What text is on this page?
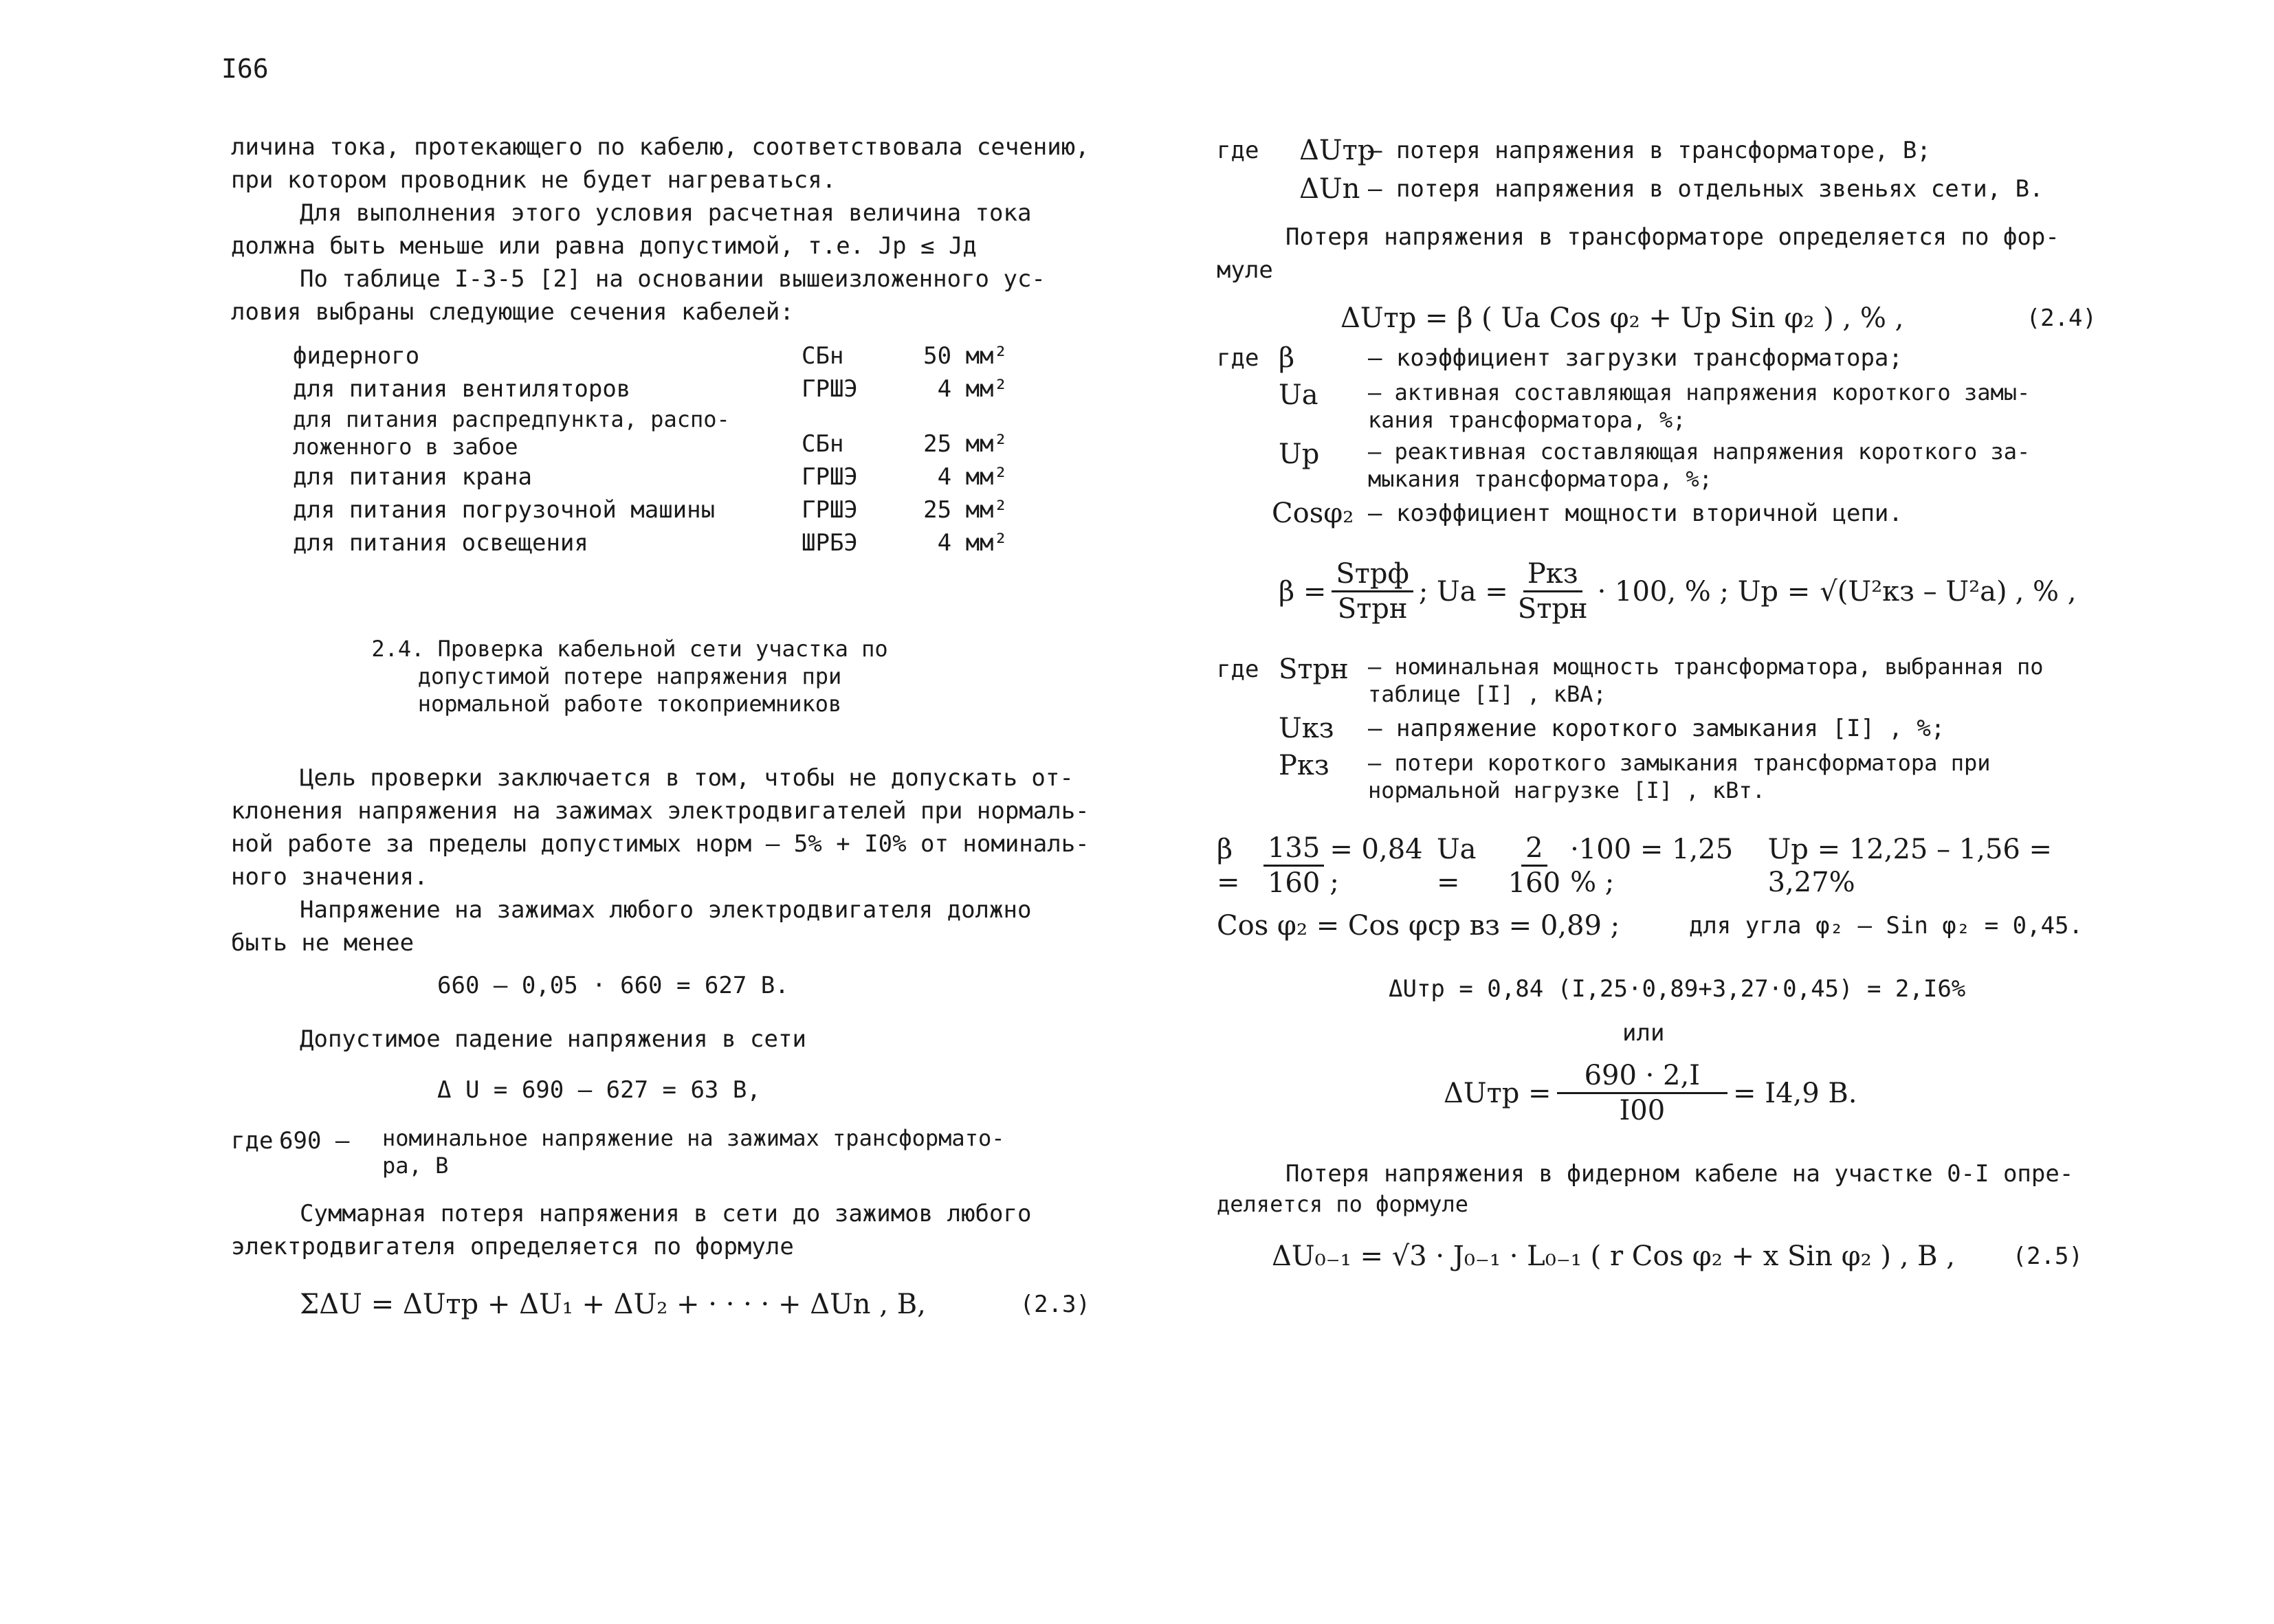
I66
личина тока, протекающего по кабелю, соответствовала сечению,
при котором проводник не будет нагреваться.
Для выполнения этого условия расчетная величина тока
должна быть меньше или равна допустимой, т.е. Jр ≤ Jд
По таблице I-3-5 [2] на основании вышеизложенного ус-
ловия выбраны следующие сечения кабелей:
фидерного	СБн	50 мм²
для питания вентиляторов	ГРШЭ	4 мм²
для питания распредпункта, распо-
ложенного в забое	СБн	25 мм²
для питания крана	ГРШЭ	4 мм²
для питания погрузочной машины	ГРШЭ	25 мм²
для питания освещения	ШРБЭ	4 мм²
2.4. Проверка кабельной сети участка по
допустимой потере напряжения при
нормальной работе токоприемников
Цель проверки заключается в том, чтобы не допускать от-
клонения напряжения на зажимах электродвигателей при нормаль-
ной работе за пределы допустимых норм – 5% + I0% от номиналь-
ного значения.
Напряжение на зажимах любого электродвигателя должно
быть не менее
660 – 0,05 · 660 = 627 В.
Допустимое падение напряжения в сети
Δ U = 690 – 627 = 63 В,
где 690 –	номинальное напряжение на зажимах трансформато-
ра, В
Суммарная потеря напряжения в сети до зажимов любого
электродвигателя определяется по формуле
ΣΔU = ΔUтр + ΔU₁ + ΔU₂ + · · · · + ΔUn , В,	(2.3)
где	ΔUтр
– потеря напряжения в трансформаторе, В;
ΔUn – потеря напряжения в отдельных звеньях сети, В.
Потеря напряжения в трансформаторе определяется по фор-
муле
ΔUтр = β ( Uа Cos φ₂ + Uр Sin φ₂ ) , % ,	(2.4)
где β	– коэффициент загрузки трансформатора;
Uа	– активная составляющая напряжения короткого замы-
кания трансформатора, %;
Uр	– реактивная составляющая напряжения короткого за-
мыкания трансформатора, %;
Cosφ₂ – коэффициент мощности вторичной цепи.
$\beta = \frac{\text{Sтрф}}{\text{Sтрн}}$ ; Uа = $\frac{\text{Pкз}}{\text{Sтрн}} \cdot 100$, % ; Uр = √(U²кз – U²а) , % ,
где Sтрн – номинальная мощность трансформатора, выбранная по
таблице [I] , кВА;
Uкз	– напряжение короткого замыкания [I] , %;
Pкз	– потери короткого замыкания трансформатора при
нормальной нагрузке [I] , кВт.
$\beta = \frac{135}{160} = 0,84$ ;
Uа =	$\frac{2}{160} \cdot 100 = 1,25$ % ;
Uр = 12,25 – 1,56 = 3,27%
Cos φ₂ = Cos φср вз = 0,89 ;	для угла φ₂ – Sin φ₂ = 0,45.
ΔUтр = 0,84 (I,25·0,89+3,27·0,45) = 2,I6%
или
$\Delta Uтр = \frac{690 \cdot 2,I}{I00} = I4,9$ В.
Потеря напряжения в фидерном кабеле на участке 0-I опре-
деляется по формуле
ΔU₀₋₁ = √3 · J₀₋₁ · L₀₋₁ ( r Cos φ₂ + x Sin φ₂ ) , В , (2.5)
